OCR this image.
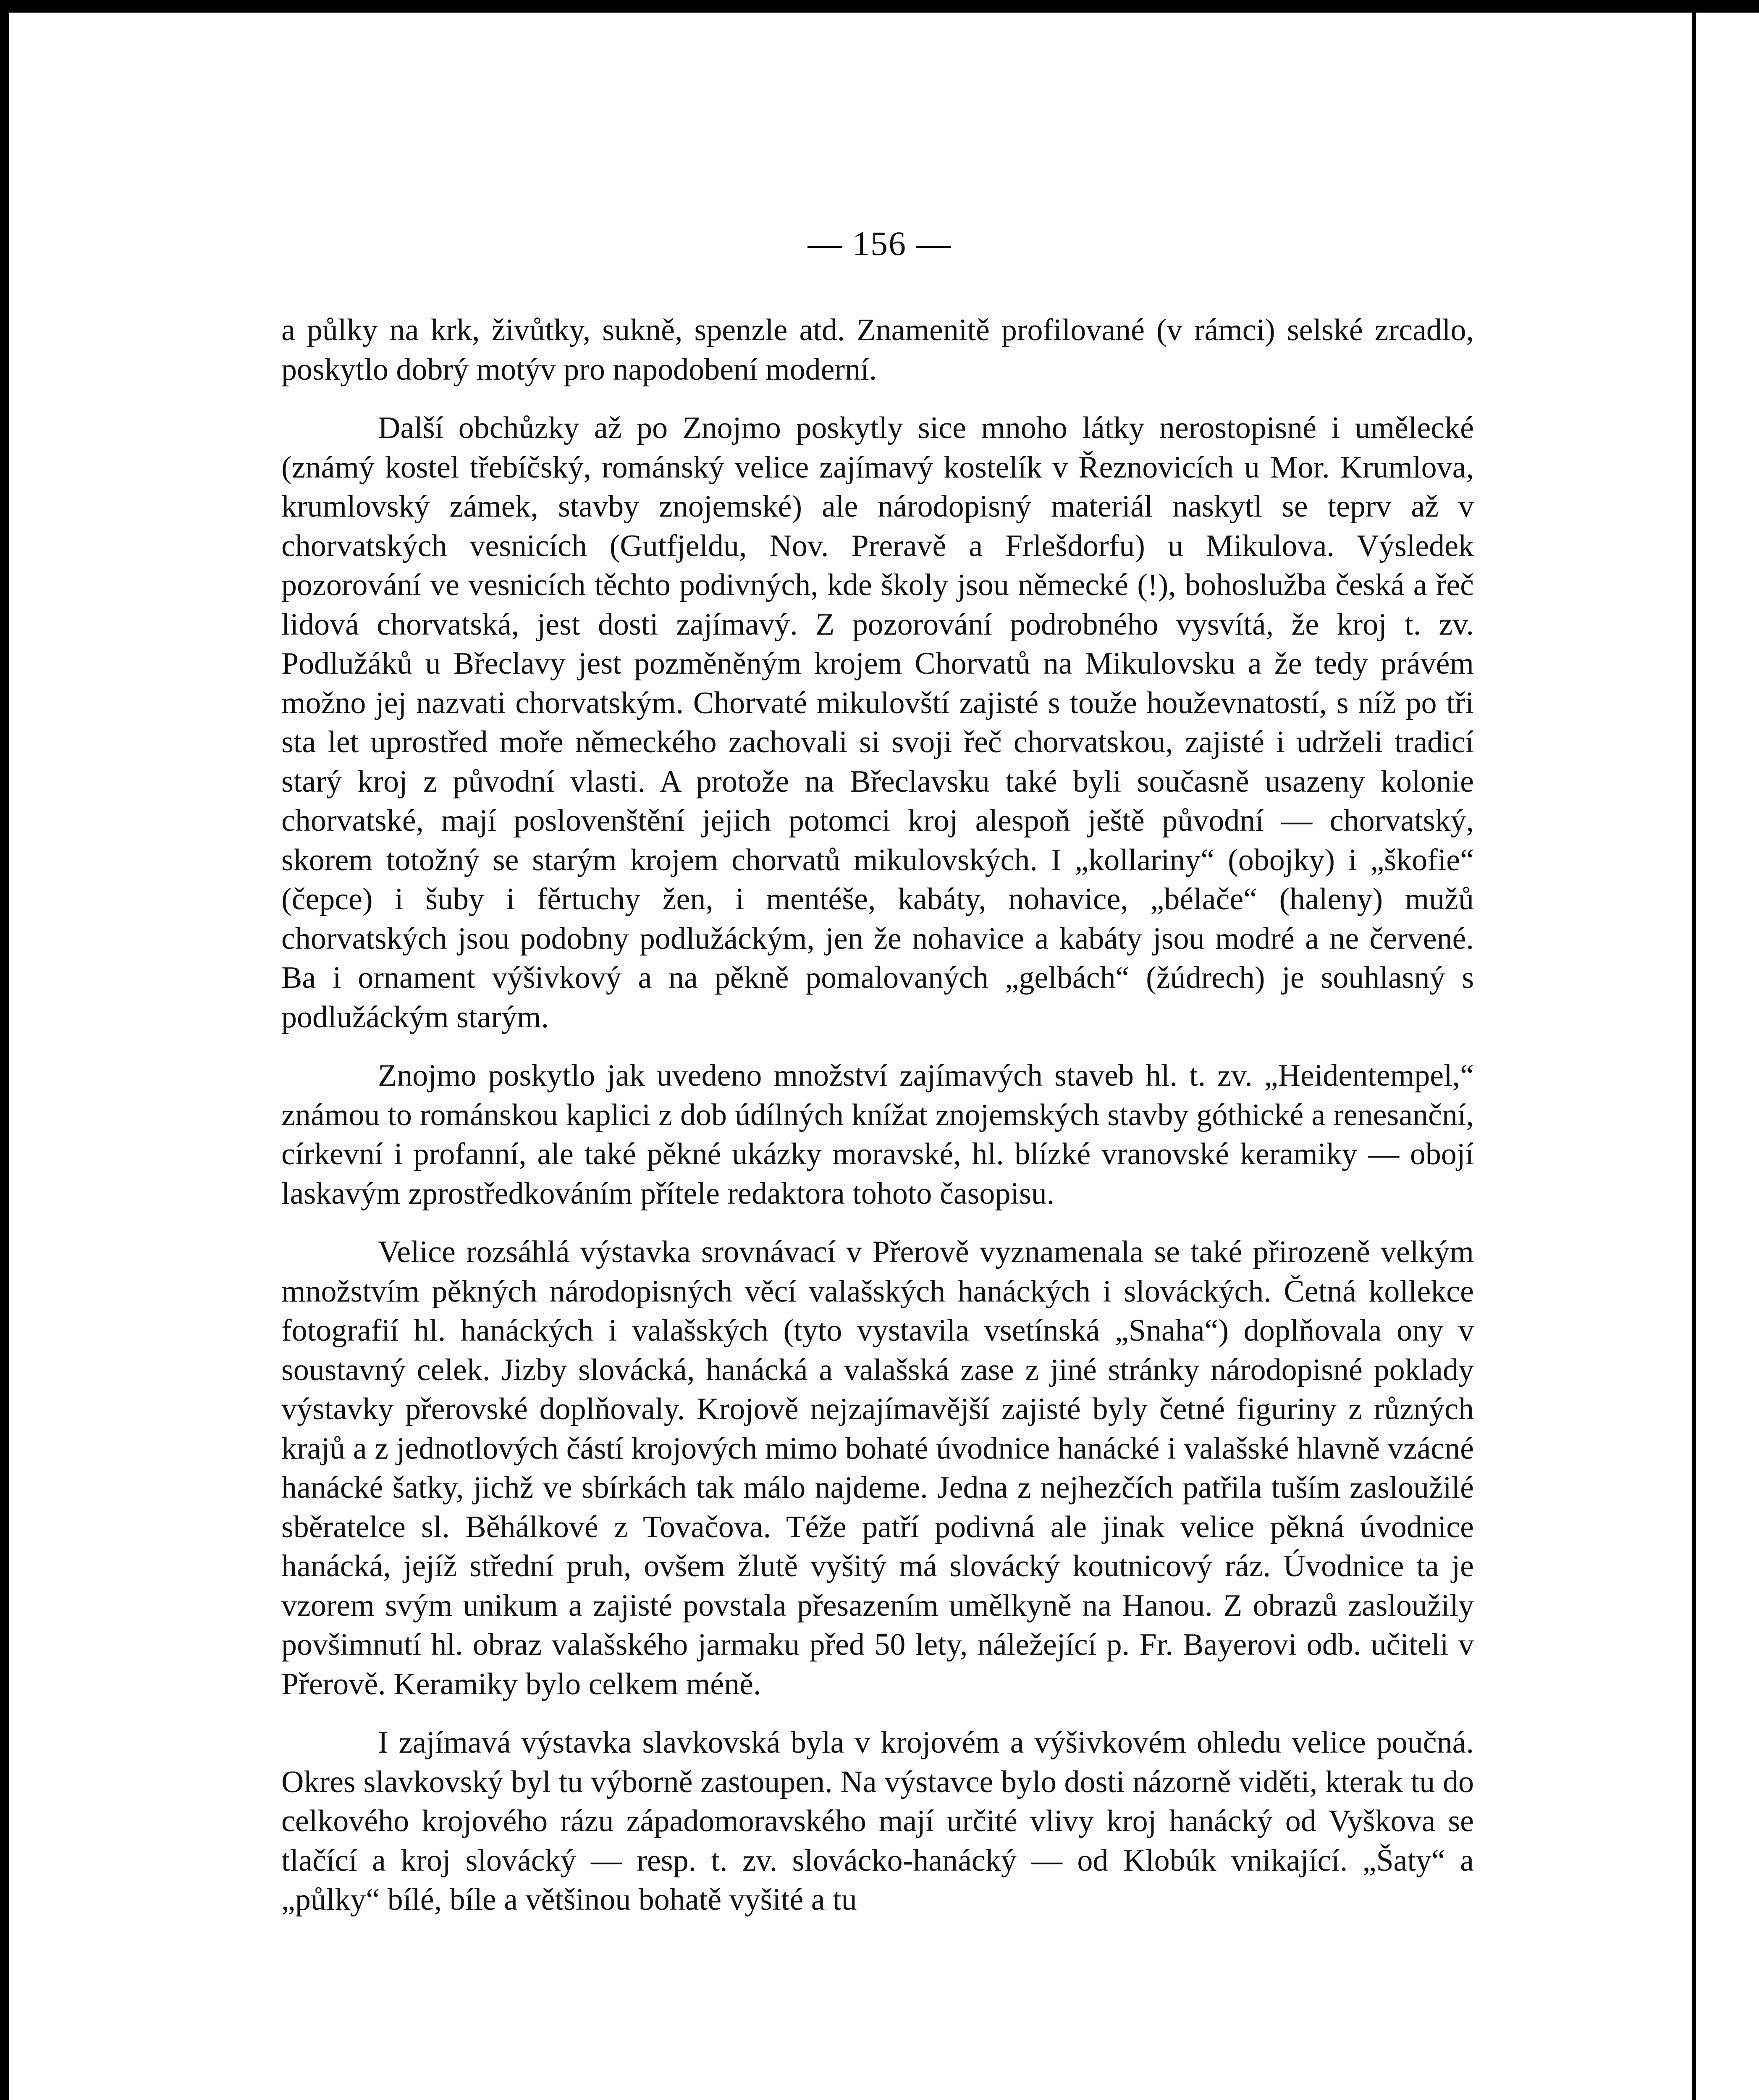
— 156 —

a půlky na krk, živůtky, sukně, spenzle atd. Znamenitě profilované (v rámci) selské zrcadlo, poskytlo dobrý motýv pro napodobení moderní.

Další obchůzky až po Znojmo poskytly sice mnoho látky nerostopisné i umělecké (známý kostel třebíčský, románský velice zajímavý kostelík v Řeznovicích u Mor. Krumlova, krumlovský zámek, stavby znojemské) ale národopisný materiál naskytl se teprv až v chorvatských vesnicích (Gutfjeldu, Nov. Preravě a Frlešdorfu) u Mikulova. Výsledek pozorování ve vesnicích těchto podivných, kde školy jsou německé (!), bohoslužba česká a řeč lidová chorvatská, jest dosti zajímavý. Z pozorování podrobného vysvítá, že kroj t. zv. Podlužáků u Břeclavy jest pozměněným krojem Chorvatů na Mikulovsku a že tedy právém možno jej nazvati chorvatským. Chorvaté mikulovští zajisté s touže houževnatostí, s níž po tři sta let uprostřed moře německého zachovali si svoji řeč chorvatskou, zajisté i udrželi tradicí starý kroj z původní vlasti. A protože na Břeclavsku také byli současně usazeny kolonie chorvatské, mají poslovenštění jejich potomci kroj alespoň ještě původní — chorvatský, skorem totožný se starým krojem chorvatů mikulovských. I „kollariny“ (obojky) i „škofie“ (čepce) i šuby i fěrtuchy žen, i mentéše, kabáty, nohavice, „bélače“ (haleny) mužů chorvatských jsou podobny podlužáckým, jen že nohavice a kabáty jsou modré a ne červené. Ba i ornament výšivkový a na pěkně pomalovaných „gelbách“ (žúdrech) je souhlasný s podlužáckým starým.

Znojmo poskytlo jak uvedeno množství zajímavých staveb hl. t. zv. „Heidentempel,“ známou to románskou kaplici z dob údílných knížat znojemských stavby góthické a renesanční, církevní i profanní, ale také pěkné ukázky moravské, hl. blízké vranovské keramiky — obojí laskavým zprostředkováním přítele redaktora tohoto časopisu.

Velice rozsáhlá výstavka srovnávací v Přerově vyznamenala se také přirozeně velkým množstvím pěkných národopisných věcí valašských hanáckých i slováckých. Četná kollekce fotografií hl. hanáckých i valašských (tyto vystavila vsetínská „Snaha“) doplňovala ony v soustavný celek. Jizby slovácká, hanácká a valašská zase z jiné stránky národopisné poklady výstavky přerovské doplňovaly. Krojově nejzajímavější zajisté byly četné figuriny z různých krajů a z jednotlových částí krojových mimo bohaté úvodnice hanácké i valašské hlavně vzácné hanácké šatky, jichž ve sbírkách tak málo najdeme. Jedna z nejhezčích patřila tuším zasloužilé sběratelce sl. Běhálkové z Tovačova. Téže patří podivná ale jinak velice pěkná úvodnice hanácká, jejíž střední pruh, ovšem žlutě vyšitý má slovácký koutnicový ráz. Úvodnice ta je vzorem svým unikum a zajisté povstala přesazením umělkyně na Hanou. Z obrazů zasloužily povšimnutí hl. obraz valašského jarmaku před 50 lety, náležející p. Fr. Bayerovi odb. učiteli v Přerově. Keramiky bylo celkem méně.

I zajímavá výstavka slavkovská byla v krojovém a výšivkovém ohledu velice poučná. Okres slavkovský byl tu výborně zastoupen. Na výstavce bylo dosti názorně viděti, kterak tu do celkového krojového rázu západomoravského mají určité vlivy kroj hanácký od Vyškova se tlačící a kroj slovácký — resp. t. zv. slovácko-hanácký — od Klobúk vnikající. „Šaty“ a „půlky“ bílé, bíle a většinou bohatě vyšité a tu
